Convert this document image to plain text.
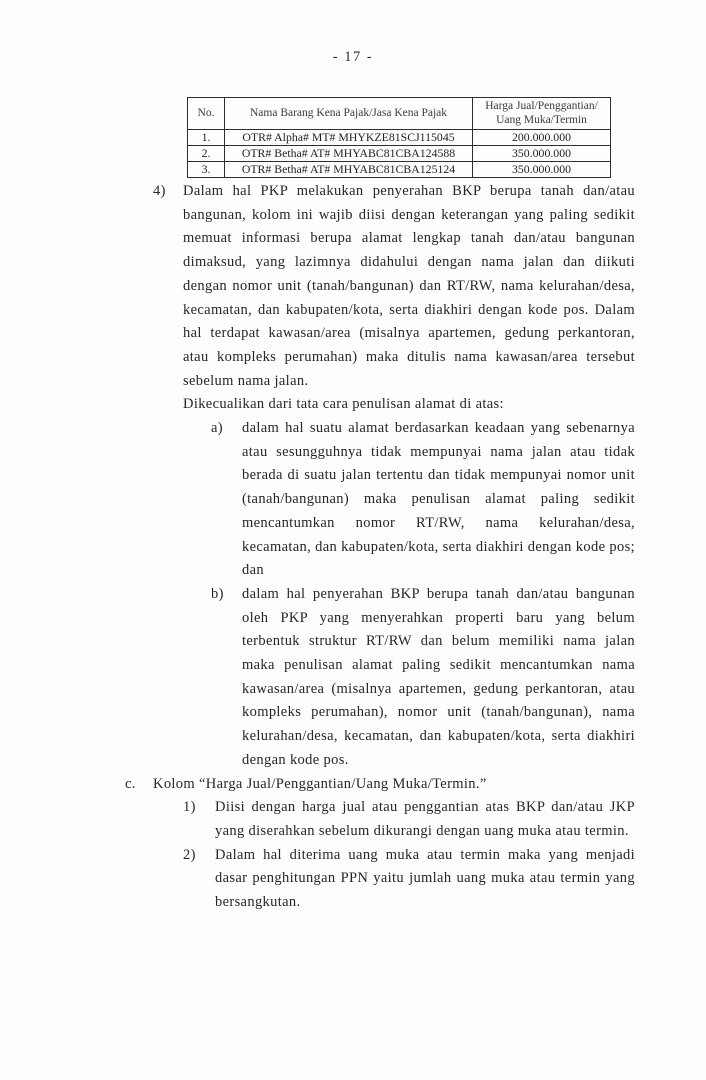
- 17 -
No.	Nama Barang Kena Pajak/Jasa Kena Pajak	Harga Jual/Penggantian/ Uang Muka/Termin
1.	OTR# Alpha# MT# MHYKZE81SCJ115045	200.000.000
2.	OTR# Betha# AT# MHYABC81CBA124588	350.000.000
3.	OTR# Betha# AT# MHYABC81CBA125124	350.000.000
4)	Dalam hal PKP melakukan penyerahan BKP berupa tanah dan/atau bangunan, kolom ini wajib diisi dengan keterangan yang paling sedikit memuat informasi berupa alamat lengkap tanah dan/atau bangunan dimaksud, yang lazimnya didahului dengan nama jalan dan diikuti dengan nomor unit (tanah/bangunan) dan RT/RW, nama kelurahan/desa, kecamatan, dan kabupaten/kota, serta diakhiri dengan kode pos. Dalam hal terdapat kawasan/area (misalnya apartemen, gedung perkantoran, atau kompleks perumahan) maka ditulis nama kawasan/area tersebut sebelum nama jalan.

Dikecualikan dari tata cara penulisan alamat di atas:

a)	dalam hal suatu alamat berdasarkan keadaan yang sebenarnya atau sesungguhnya tidak mempunyai nama jalan atau tidak berada di suatu jalan tertentu dan tidak mempunyai nomor unit (tanah/bangunan) maka penulisan alamat paling sedikit mencantumkan nomor RT/RW, nama kelurahan/desa, kecamatan, dan kabupaten/kota, serta diakhiri dengan kode pos; dan

b)	dalam hal penyerahan BKP berupa tanah dan/atau bangunan oleh PKP yang menyerahkan properti baru yang belum terbentuk struktur RT/RW dan belum memiliki nama jalan maka penulisan alamat paling sedikit mencantumkan nama kawasan/area (misalnya apartemen, gedung perkantoran, atau kompleks perumahan), nomor unit (tanah/bangunan), nama kelurahan/desa, kecamatan, dan kabupaten/kota, serta diakhiri dengan kode pos.

c.	Kolom “Harga Jual/Penggantian/Uang Muka/Termin.”

1)	Diisi dengan harga jual atau penggantian atas BKP dan/atau JKP yang diserahkan sebelum dikurangi dengan uang muka atau termin.

2)	Dalam hal diterima uang muka atau termin maka yang menjadi dasar penghitungan PPN yaitu jumlah uang muka atau termin yang bersangkutan.
